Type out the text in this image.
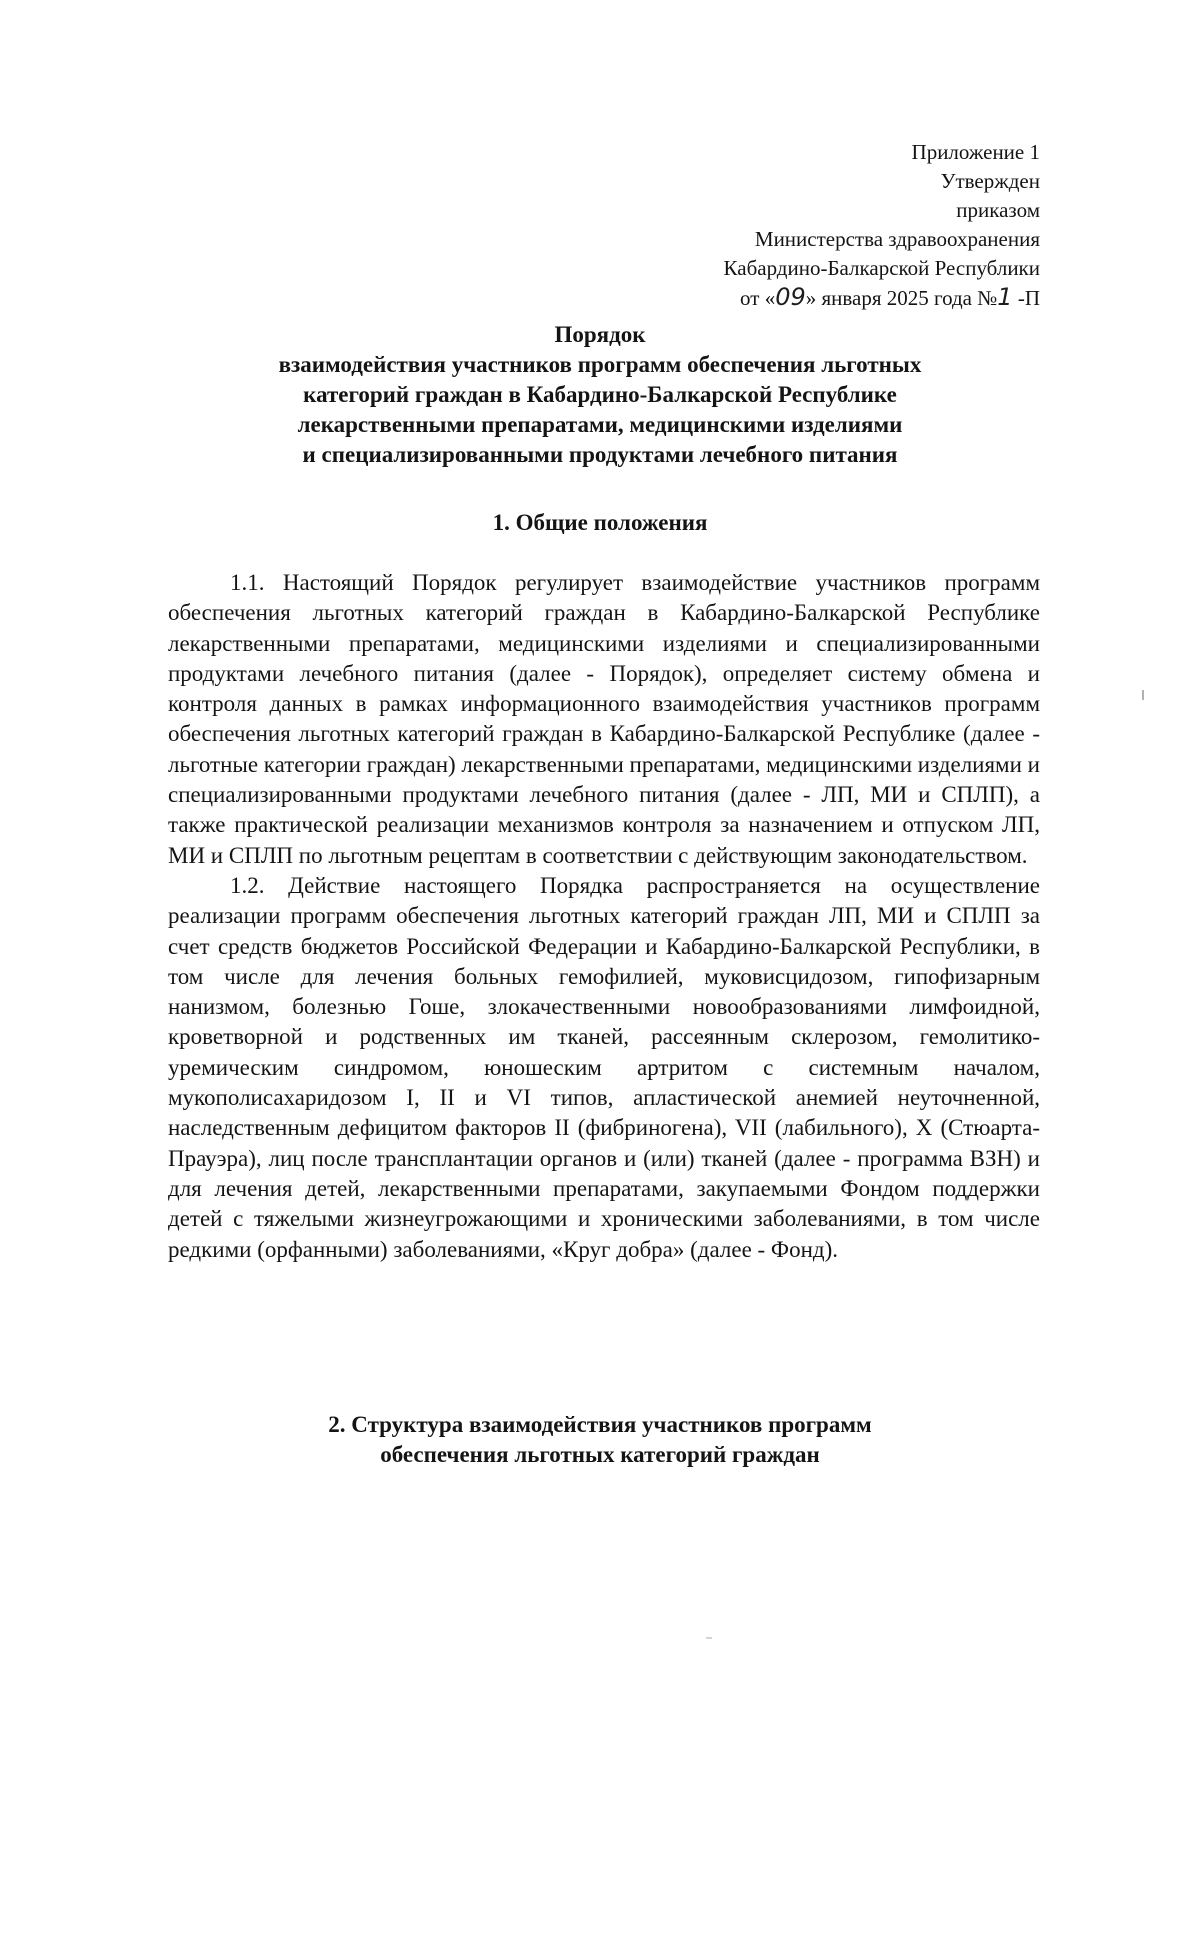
Приложение 1
Утвержден
приказом
Министерства здравоохранения
Кабардино-Балкарской Республики
от «09» января 2025 года №1 -П
Порядок
взаимодействия участников программ обеспечения льготных
категорий граждан в Кабардино-Балкарской Республике
лекарственными препаратами, медицинскими изделиями
и специализированными продуктами лечебного питания
1. Общие положения

1.1. Настоящий Порядок регулирует взаимодействие участников программ обеспечения льготных категорий граждан в Кабардино-Балкарской Республике лекарственными препаратами, медицинскими изделиями и специализированными продуктами лечебного питания (далее - Порядок), определяет систему обмена и контроля данных в рамках информационного взаимодействия участников программ обеспечения льготных категорий граждан в Кабардино-Балкарской Республике (далее - льготные категории граждан) лекарственными препаратами, медицинскими изделиями и специализированными продуктами лечебного питания (далее - ЛП, МИ и СПЛП), а также практической реализации механизмов контроля за назначением и отпуском ЛП, МИ и СПЛП по льготным рецептам в соответствии с действующим законодательством.

1.2. Действие настоящего Порядка распространяется на осуществление реализации программ обеспечения льготных категорий граждан ЛП, МИ и СПЛП за счет средств бюджетов Российской Федерации и Кабардино-Балкарской Республики, в том числе для лечения больных гемофилией, муковисцидозом, гипофизарным нанизмом, болезнью Гоше, злокачественными новообразованиями лимфоидной, кроветворной и родственных им тканей, рассеянным склерозом, гемолитико-уремическим синдромом, юношеским артритом с системным началом, мукополисахаридозом I, II и VI типов, апластической анемией неуточненной, наследственным дефицитом факторов II (фибриногена), VII (лабильного), X (Стюарта-Прауэра), лиц после трансплантации органов и (или) тканей (далее - программа ВЗН) и для лечения детей, лекарственными препаратами, закупаемыми Фондом поддержки детей с тяжелыми жизнеугрожающими и хроническими заболеваниями, в том числе редкими (орфанными) заболеваниями, «Круг добра» (далее - Фонд).

2. Структура взаимодействия участников программ
обеспечения льготных категорий граждан
